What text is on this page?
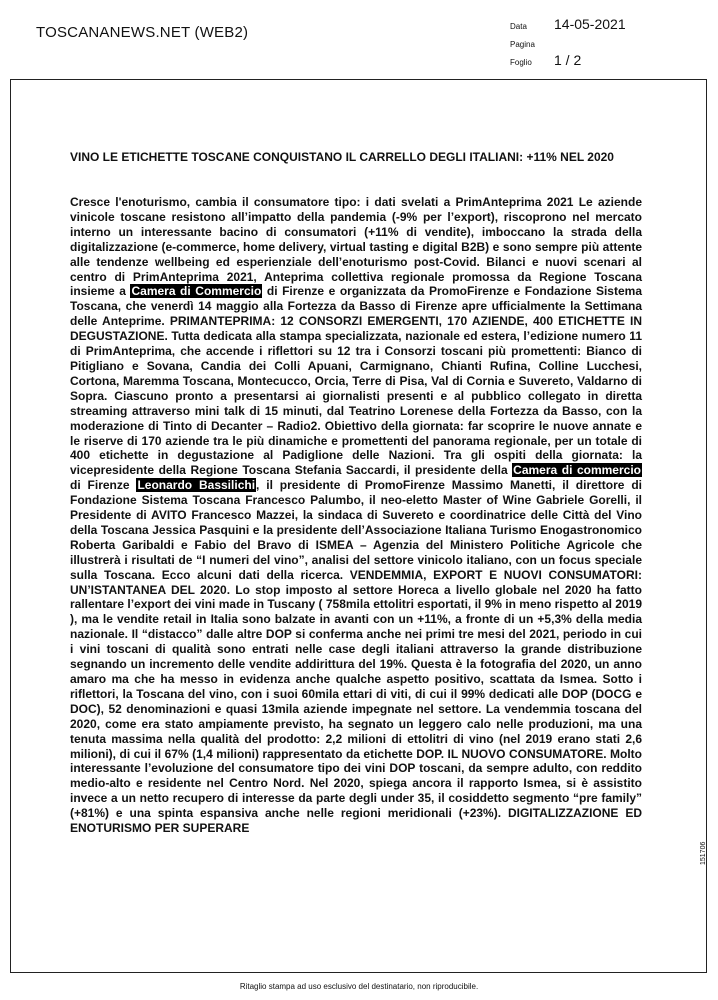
TOSCANANEWS.NET (WEB2)	Data 14-05-2021
Pagina
Foglio 1 / 2
VINO LE ETICHETTE TOSCANE CONQUISTANO IL CARRELLO DEGLI ITALIANI: +11% NEL 2020

Cresce l'enoturismo, cambia il consumatore tipo: i dati svelati a PrimAnteprima 2021 Le aziende vinicole toscane resistono all’impatto della pandemia (-9% per l’export), riscoprono nel mercato interno un interessante bacino di consumatori (+11% di vendite), imboccano la strada della digitalizzazione (e-commerce, home delivery, virtual tasting e digital B2B) e sono sempre più attente alle tendenze wellbeing ed esperienziale dell’enoturismo post-Covid. Bilanci e nuovi scenari al centro di PrimAnteprima 2021, Anteprima collettiva regionale promossa da Regione Toscana insieme a Camera di Commercio di Firenze e organizzata da PromoFirenze e Fondazione Sistema Toscana, che venerdì 14 maggio alla Fortezza da Basso di Firenze apre ufficialmente la Settimana delle Anteprime. PRIMANTEPRIMA: 12 CONSORZI EMERGENTI, 170 AZIENDE, 400 ETICHETTE IN DEGUSTAZIONE. Tutta dedicata alla stampa specializzata, nazionale ed estera, l’edizione numero 11 di PrimAnteprima, che accende i riflettori su 12 tra i Consorzi toscani più promettenti: Bianco di Pitigliano e Sovana, Candia dei Colli Apuani, Carmignano, Chianti Rufina, Colline Lucchesi, Cortona, Maremma Toscana, Montecucco, Orcia, Terre di Pisa, Val di Cornia e Suvereto, Valdarno di Sopra. Ciascuno pronto a presentarsi ai giornalisti presenti e al pubblico collegato in diretta streaming attraverso mini talk di 15 minuti, dal Teatrino Lorenese della Fortezza da Basso, con la moderazione di Tinto di Decanter – Radio2. Obiettivo della giornata: far scoprire le nuove annate e le riserve di 170 aziende tra le più dinamiche e promettenti del panorama regionale, per un totale di 400 etichette in degustazione al Padiglione delle Nazioni. Tra gli ospiti della giornata: la vicepresidente della Regione Toscana Stefania Saccardi, il presidente della Camera di commercio di Firenze Leonardo Bassilichi, il presidente di PromoFirenze Massimo Manetti, il direttore di Fondazione Sistema Toscana Francesco Palumbo, il neo-eletto Master of Wine Gabriele Gorelli, il Presidente di AVITO Francesco Mazzei, la sindaca di Suvereto e coordinatrice delle Città del Vino della Toscana Jessica Pasquini e la presidente dell’Associazione Italiana Turismo Enogastronomico Roberta Garibaldi e Fabio del Bravo di ISMEA – Agenzia del Ministero Politiche Agricole che illustrerà i risultati de “I numeri del vino”, analisi del settore vinicolo italiano, con un focus speciale sulla Toscana. Ecco alcuni dati della ricerca. VENDEMMIA, EXPORT E NUOVI CONSUMATORI: UN’ISTANTANEA DEL 2020. Lo stop imposto al settore Horeca a livello globale nel 2020 ha fatto rallentare l’export dei vini made in Tuscany ( 758mila ettolitri esportati, il 9% in meno rispetto al 2019 ), ma le vendite retail in Italia sono balzate in avanti con un +11%, a fronte di un +5,3% della media nazionale. Il “distacco” dalle altre DOP si conferma anche nei primi tre mesi del 2021, periodo in cui i vini toscani di qualità sono entrati nelle case degli italiani attraverso la grande distribuzione segnando un incremento delle vendite addirittura del 19%. Questa è la fotografia del 2020, un anno amaro ma che ha messo in evidenza anche qualche aspetto positivo, scattata da Ismea. Sotto i riflettori, la Toscana del vino, con i suoi 60mila ettari di viti, di cui il 99% dedicati alle DOP (DOCG e DOC), 52 denominazioni e quasi 13mila aziende impegnate nel settore. La vendemmia toscana del 2020, come era stato ampiamente previsto, ha segnato un leggero calo nelle produzioni, ma una tenuta massima nella qualità del prodotto: 2,2 milioni di ettolitri di vino (nel 2019 erano stati 2,6 milioni), di cui il 67% (1,4 milioni) rappresentato da etichette DOP. IL NUOVO CONSUMATORE. Molto interessante l’evoluzione del consumatore tipo dei vini DOP toscani, da sempre adulto, con reddito medio-alto e residente nel Centro Nord. Nel 2020, spiega ancora il rapporto Ismea, si è assistito invece a un netto recupero di interesse da parte degli under 35, il cosiddetto segmento “pre family” (+81%) e una spinta espansiva anche nelle regioni meridionali (+23%). DIGITALIZZAZIONE ED ENOTURISMO PER SUPERARE

151706
Ritaglio stampa ad uso esclusivo del destinatario, non riproducibile.
